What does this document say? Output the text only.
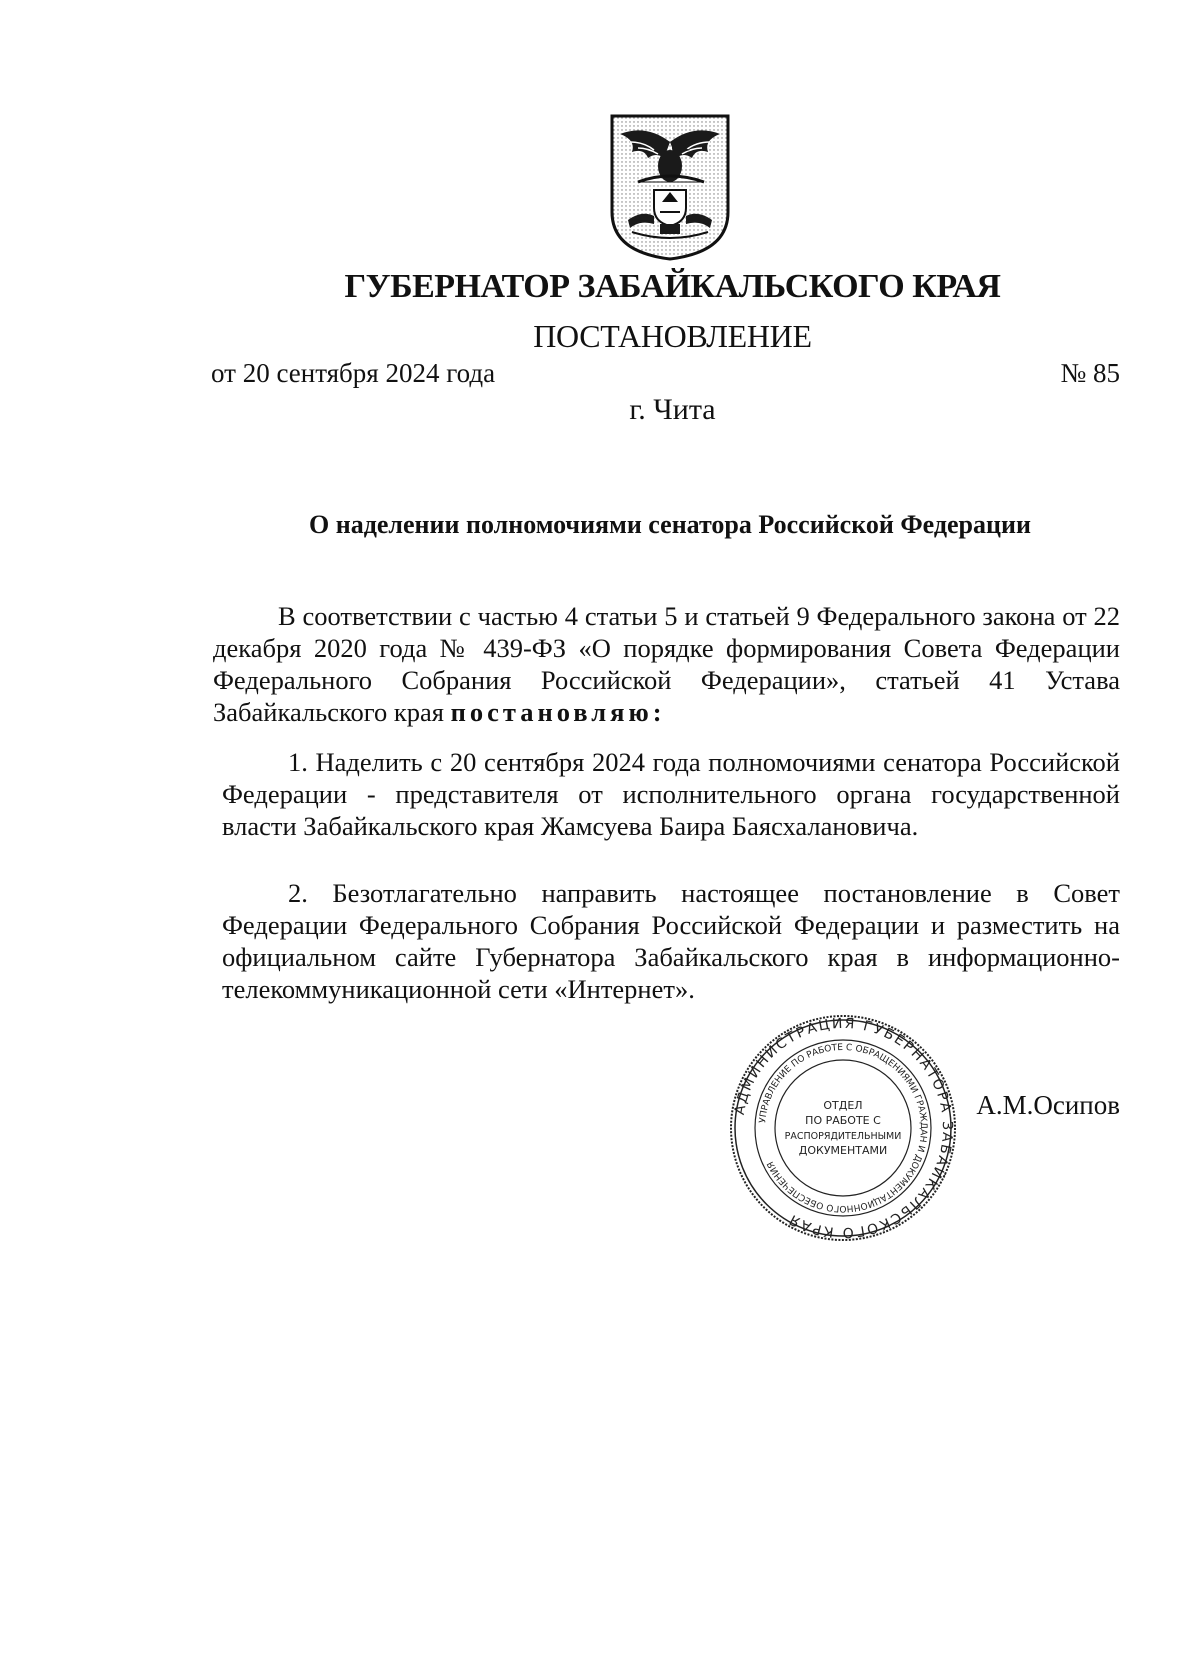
ГУБЕРНАТОР ЗАБАЙКАЛЬСКОГО КРАЯ
ПОСТАНОВЛЕНИЕ
от 20 сентября 2024 года	№ 85
г. Чита
О наделении полномочиями сенатора Российской Федерации

В соответствии с частью 4 статьи 5 и статьей 9 Федерального закона от 22 декабря 2020 года № 439-ФЗ «О порядке формирования Совета Федерации Федерального Собрания Российской Федерации», статьей 41 Устава Забайкальского края постановляю:

1. Наделить с 20 сентября 2024 года полномочиями сенатора Российской Федерации - представителя от исполнительного органа государственной власти Забайкальского края Жамсуева Баира Баясхалановича.

2. Безотлагательно направить настоящее постановление в Совет Федерации Федерального Собрания Российской Федерации и разместить на официальном сайте Губернатора Забайкальского края в информационно-телекоммуникационной сети «Интернет».

АДМИНИСТРАЦИЯ ГУБЕРНАТОРА ЗАБАЙКАЛЬСКОГО КРАЯ
УПРАВЛЕНИЕ ПО РАБОТЕ С ОБРАЩЕНИЯМИ ГРАЖДАН И ДОКУМЕНТАЦИОННОГО ОБЕСПЕЧЕНИЯ
ОТДЕЛ
ПО РАБОТЕ С
РАСПОРЯДИТЕЛЬНЫМИ
ДОКУМЕНТАМИ
А.М.Осипов
